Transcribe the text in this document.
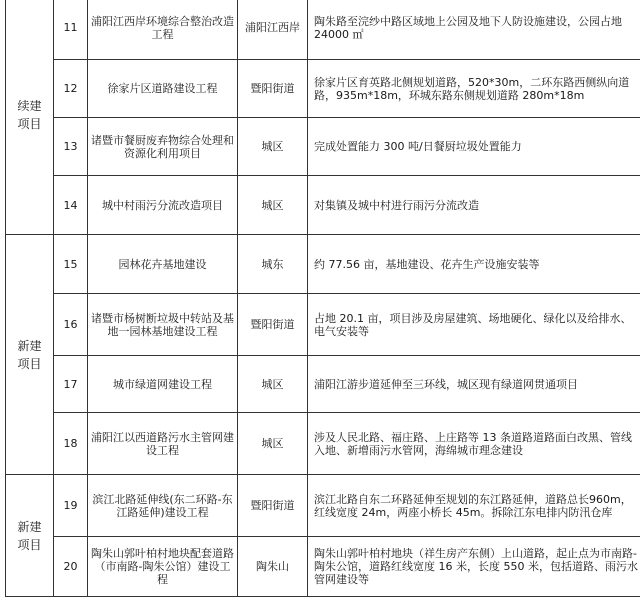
续建
项目	11	浦阳江西岸环境综合整治改造工程	浦阳江西岸	陶朱路至浣纱中路区域地上公园及地下人防设施建设，公园占地 24000 ㎡
	12	徐家片区道路建设工程	暨阳街道	徐家片区育英路北侧规划道路，520*30m，二环东路西侧纵向道路，935m*18m，环城东路东侧规划道路 280m*18m
	13	诸暨市餐厨废弃物综合处理和资源化利用项目	城区	完成处置能力 300 吨/日餐厨垃圾处置能力
	14	城中村雨污分流改造项目	城区	对集镇及城中村进行雨污分流改造
新建
项目	15	园林花卉基地建设	城东	约 77.56 亩，基地建设、花卉生产设施安装等
	16	诸暨市杨树断垃圾中转站及基地一园林基地建设工程	暨阳街道	占地 20.1 亩，项目涉及房屋建筑、场地硬化、绿化以及给排水、电气安装等
	17	城市绿道网建设工程	城区	浦阳江游步道延伸至三环线，城区现有绿道网贯通项目
	18	浦阳江以西道路污水主管网建设工程	城区	涉及人民北路、福庄路、上庄路等 13 条道路道路面白改黑、管线入地、新增雨污水管网，海绵城市理念建设
新建
项目	19	滨江北路延伸线(东二环路-东江路延伸)建设工程	暨阳街道	滨江北路自东二环路延伸至规划的东江路延伸，道路总长960m，红线宽度 24m，两座小桥长 45m。拆除江东电排内防汛仓库
	20	陶朱山郭叶柏村地块配套道路（市南路-陶朱公馆）建设工程	陶朱山	陶朱山郭叶柏村地块（祥生房产东侧）上山道路，起止点为市南路-陶朱公馆，道路红线宽度 16 米，长度 550 米，包括道路、雨污水管网建设等
